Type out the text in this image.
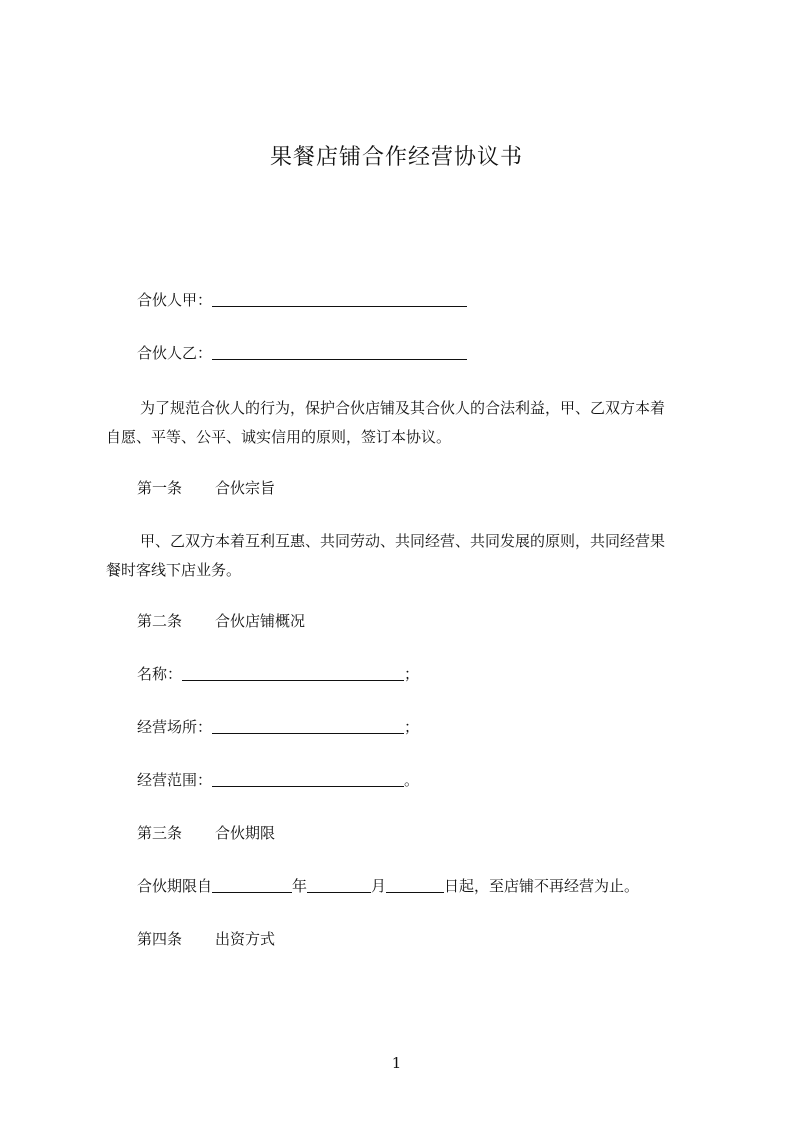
果餐店铺合作经营协议书
合伙人甲：
合伙人乙：
为了规范合伙人的行为，保护合伙店铺及其合伙人的合法利益，甲、乙双方本着
自愿、平等、公平、诚实信用的原则，签订本协议。
第一条 合伙宗旨
甲、乙双方本着互利互惠、共同劳动、共同经营、共同发展的原则，共同经营果
餐时客线下店业务。
第二条 合伙店铺概况
名称：	；
经营场所：	；
经营范围：	。
第三条 合伙期限
合伙期限自	年	月	日起，至店铺不再经营为止。
第四条 出资方式
1
